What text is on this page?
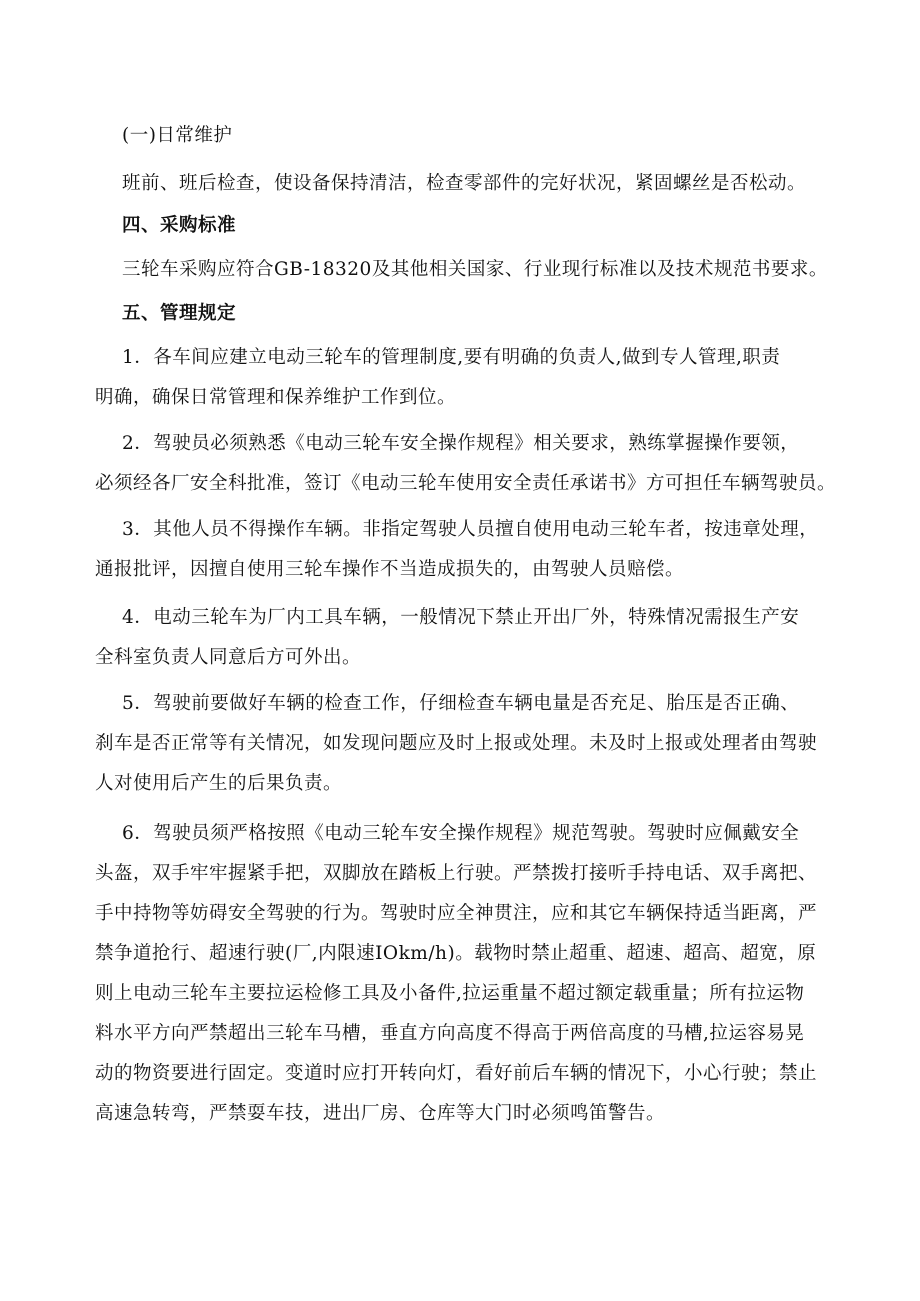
(一)日常维护
班前、班后检查，使设备保持清洁，检查零部件的完好状况，紧固螺丝是否松动。
四、采购标准
三轮车采购应符合GB-18320及其他相关国家、行业现行标准以及技术规范书要求。
五、管理规定
1．各车间应建立电动三轮车的管理制度,要有明确的负责人,做到专人管理,职责
明确，确保日常管理和保养维护工作到位。
2．驾驶员必须熟悉《电动三轮车安全操作规程》相关要求，熟练掌握操作要领，
必须经各厂安全科批准，签订《电动三轮车使用安全责任承诺书》方可担任车辆驾驶员。
3．其他人员不得操作车辆。非指定驾驶人员擅自使用电动三轮车者，按违章处理，
通报批评，因擅自使用三轮车操作不当造成损失的，由驾驶人员赔偿。
4．电动三轮车为厂内工具车辆，一般情况下禁止开出厂外，特殊情况需报生产安
全科室负责人同意后方可外出。
5．驾驶前要做好车辆的检查工作，仔细检查车辆电量是否充足、胎压是否正确、
刹车是否正常等有关情况，如发现问题应及时上报或处理。未及时上报或处理者由驾驶
人对使用后产生的后果负责。
6．驾驶员须严格按照《电动三轮车安全操作规程》规范驾驶。驾驶时应佩戴安全
头盔，双手牢牢握紧手把，双脚放在踏板上行驶。严禁拨打接听手持电话、双手离把、
手中持物等妨碍安全驾驶的行为。驾驶时应全神贯注，应和其它车辆保持适当距离，严
禁争道抢行、超速行驶(厂,内限速IOkm/h)。载物时禁止超重、超速、超高、超宽，原
则上电动三轮车主要拉运检修工具及小备件,拉运重量不超过额定载重量；所有拉运物
料水平方向严禁超出三轮车马槽，垂直方向高度不得高于两倍高度的马槽,拉运容易晃
动的物资要进行固定。变道时应打开转向灯，看好前后车辆的情况下，小心行驶；禁止
高速急转弯，严禁耍车技，进出厂房、仓库等大门时必须鸣笛警告。
